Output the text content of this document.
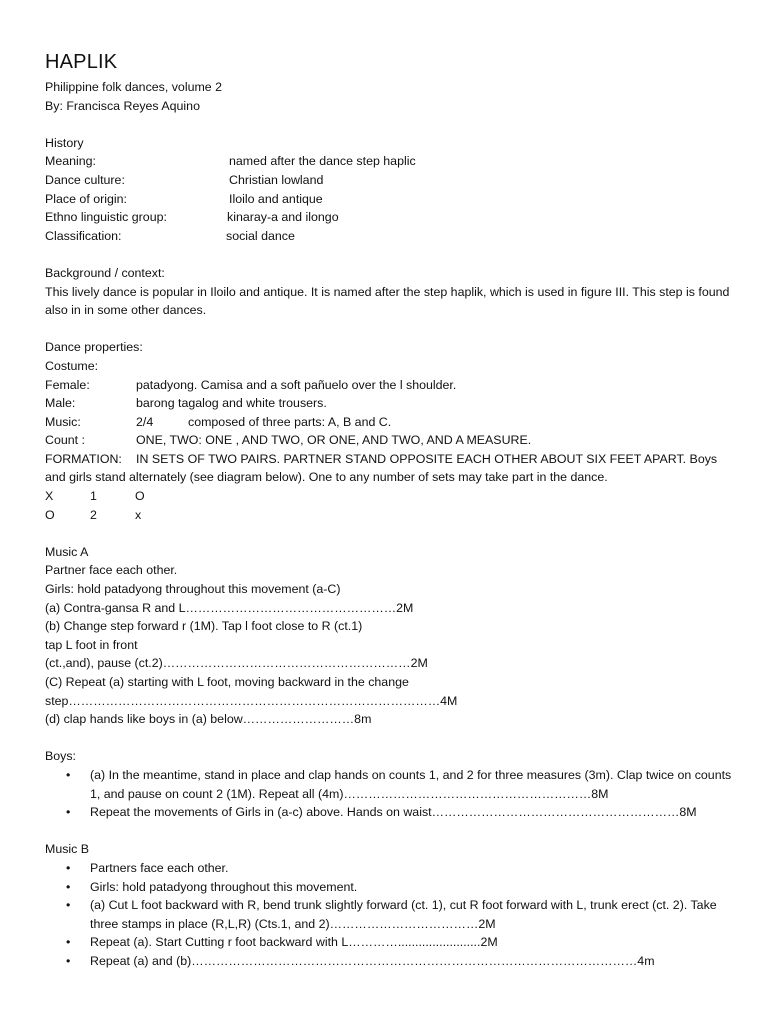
HAPLIK
Philippine folk dances, volume 2
By: Francisca Reyes Aquino
History
Meaning:	named after the dance step haplic
Dance culture:	Christian lowland
Place of origin:	Iloilo and antique
Ethno linguistic group:	kinaray-a and ilongo
Classification:	social dance
Background / context:
This lively dance is popular in Iloilo and antique. It is named after the step haplik, which is used in figure III. This step is found also in in some other dances.
Dance properties:
Costume:
Female:	patadyong. Camisa and a soft pañuelo over the l shoulder.
Male:	barong tagalog and white trousers.
Music:	2/4	composed of three parts: A, B and C.
Count :	ONE, TWO: ONE , AND TWO, OR ONE, AND TWO, AND A MEASURE.
FORMATION: IN SETS OF TWO PAIRS. PARTNER STAND OPPOSITE EACH OTHER ABOUT SIX FEET APART. Boys and girls stand alternately (see diagram below). One to any number of sets may take part in the dance.
X	1	O
O	2	x
Music A
Partner face each other.
Girls: hold patadyong throughout this movement (a-C)
(a) Contra-gansa R and L……………………………………………2M
(b) Change step forward r (1M). Tap l foot close to R (ct.1)
tap L foot in front
(ct.,and), pause (ct.2)……………………………………………………2M
(C) Repeat (a) starting with L foot, moving backward in the change
step………………………………………………………………………………4M
(d) clap hands like boys in (a) below………………………8m
Boys:
• (a) In the meantime, stand in place and clap hands on counts 1, and 2 for three measures (3m). Clap twice on counts 1, and pause on count 2 (1M). Repeat all (4m)……………………………………………………8M
• Repeat the movements of Girls in (a-c) above. Hands on waist……………………………………………………8M
Music B
• Partners face each other.
• Girls: hold patadyong throughout this movement.
• (a) Cut L foot backward with R, bend trunk slightly forward (ct. 1), cut R foot forward with L, trunk erect (ct. 2). Take three stamps in place (R,L,R) (Cts.1, and 2)………………………………2M
• Repeat (a). Start Cutting r foot backward with L…………........................2M
• Repeat (a) and (b)………………………………………………………………………………………………4m
